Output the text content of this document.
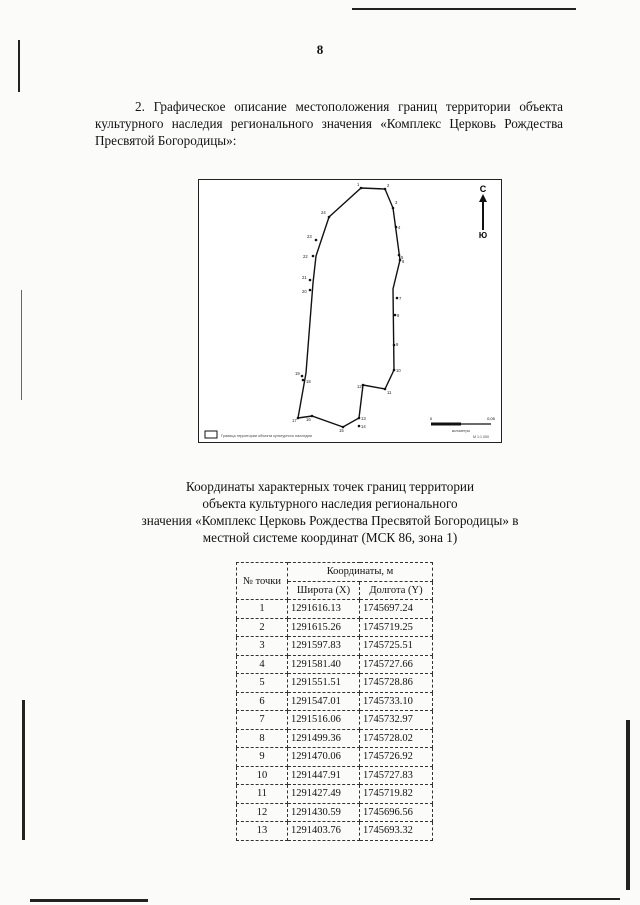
8
2. Графическое описание местоположения границ территории объекта культурного наследия регионального значения «Комплекс Церковь Рождества Пресвятой Богородицы»:
1	2
3
4
5
6
7
8
9
10
11
12
13
14
15
16
17
18
19
20
21
22
23
24
С
Ю
Граница территории объекта культурного наследия
0	0,05
километры
М 1:1 000
Координаты характерных точек границ территории
объекта культурного наследия регионального
значения «Комплекс Церковь Рождества Пресвятой Богородицы» в
местной системе координат (МСК 86, зона 1)
№ точки	Координаты, м	
	Широта (X)	Долгота (Y)
1	1291616.13	1745697.24
2	1291615.26	1745719.25
3	1291597.83	1745725.51
4	1291581.40	1745727.66
5	1291551.51	1745728.86
6	1291547.01	1745733.10
7	1291516.06	1745732.97
8	1291499.36	1745728.02
9	1291470.06	1745726.92
10	1291447.91	1745727.83
11	1291427.49	1745719.82
12	1291430.59	1745696.56
13	1291403.76	1745693.32
